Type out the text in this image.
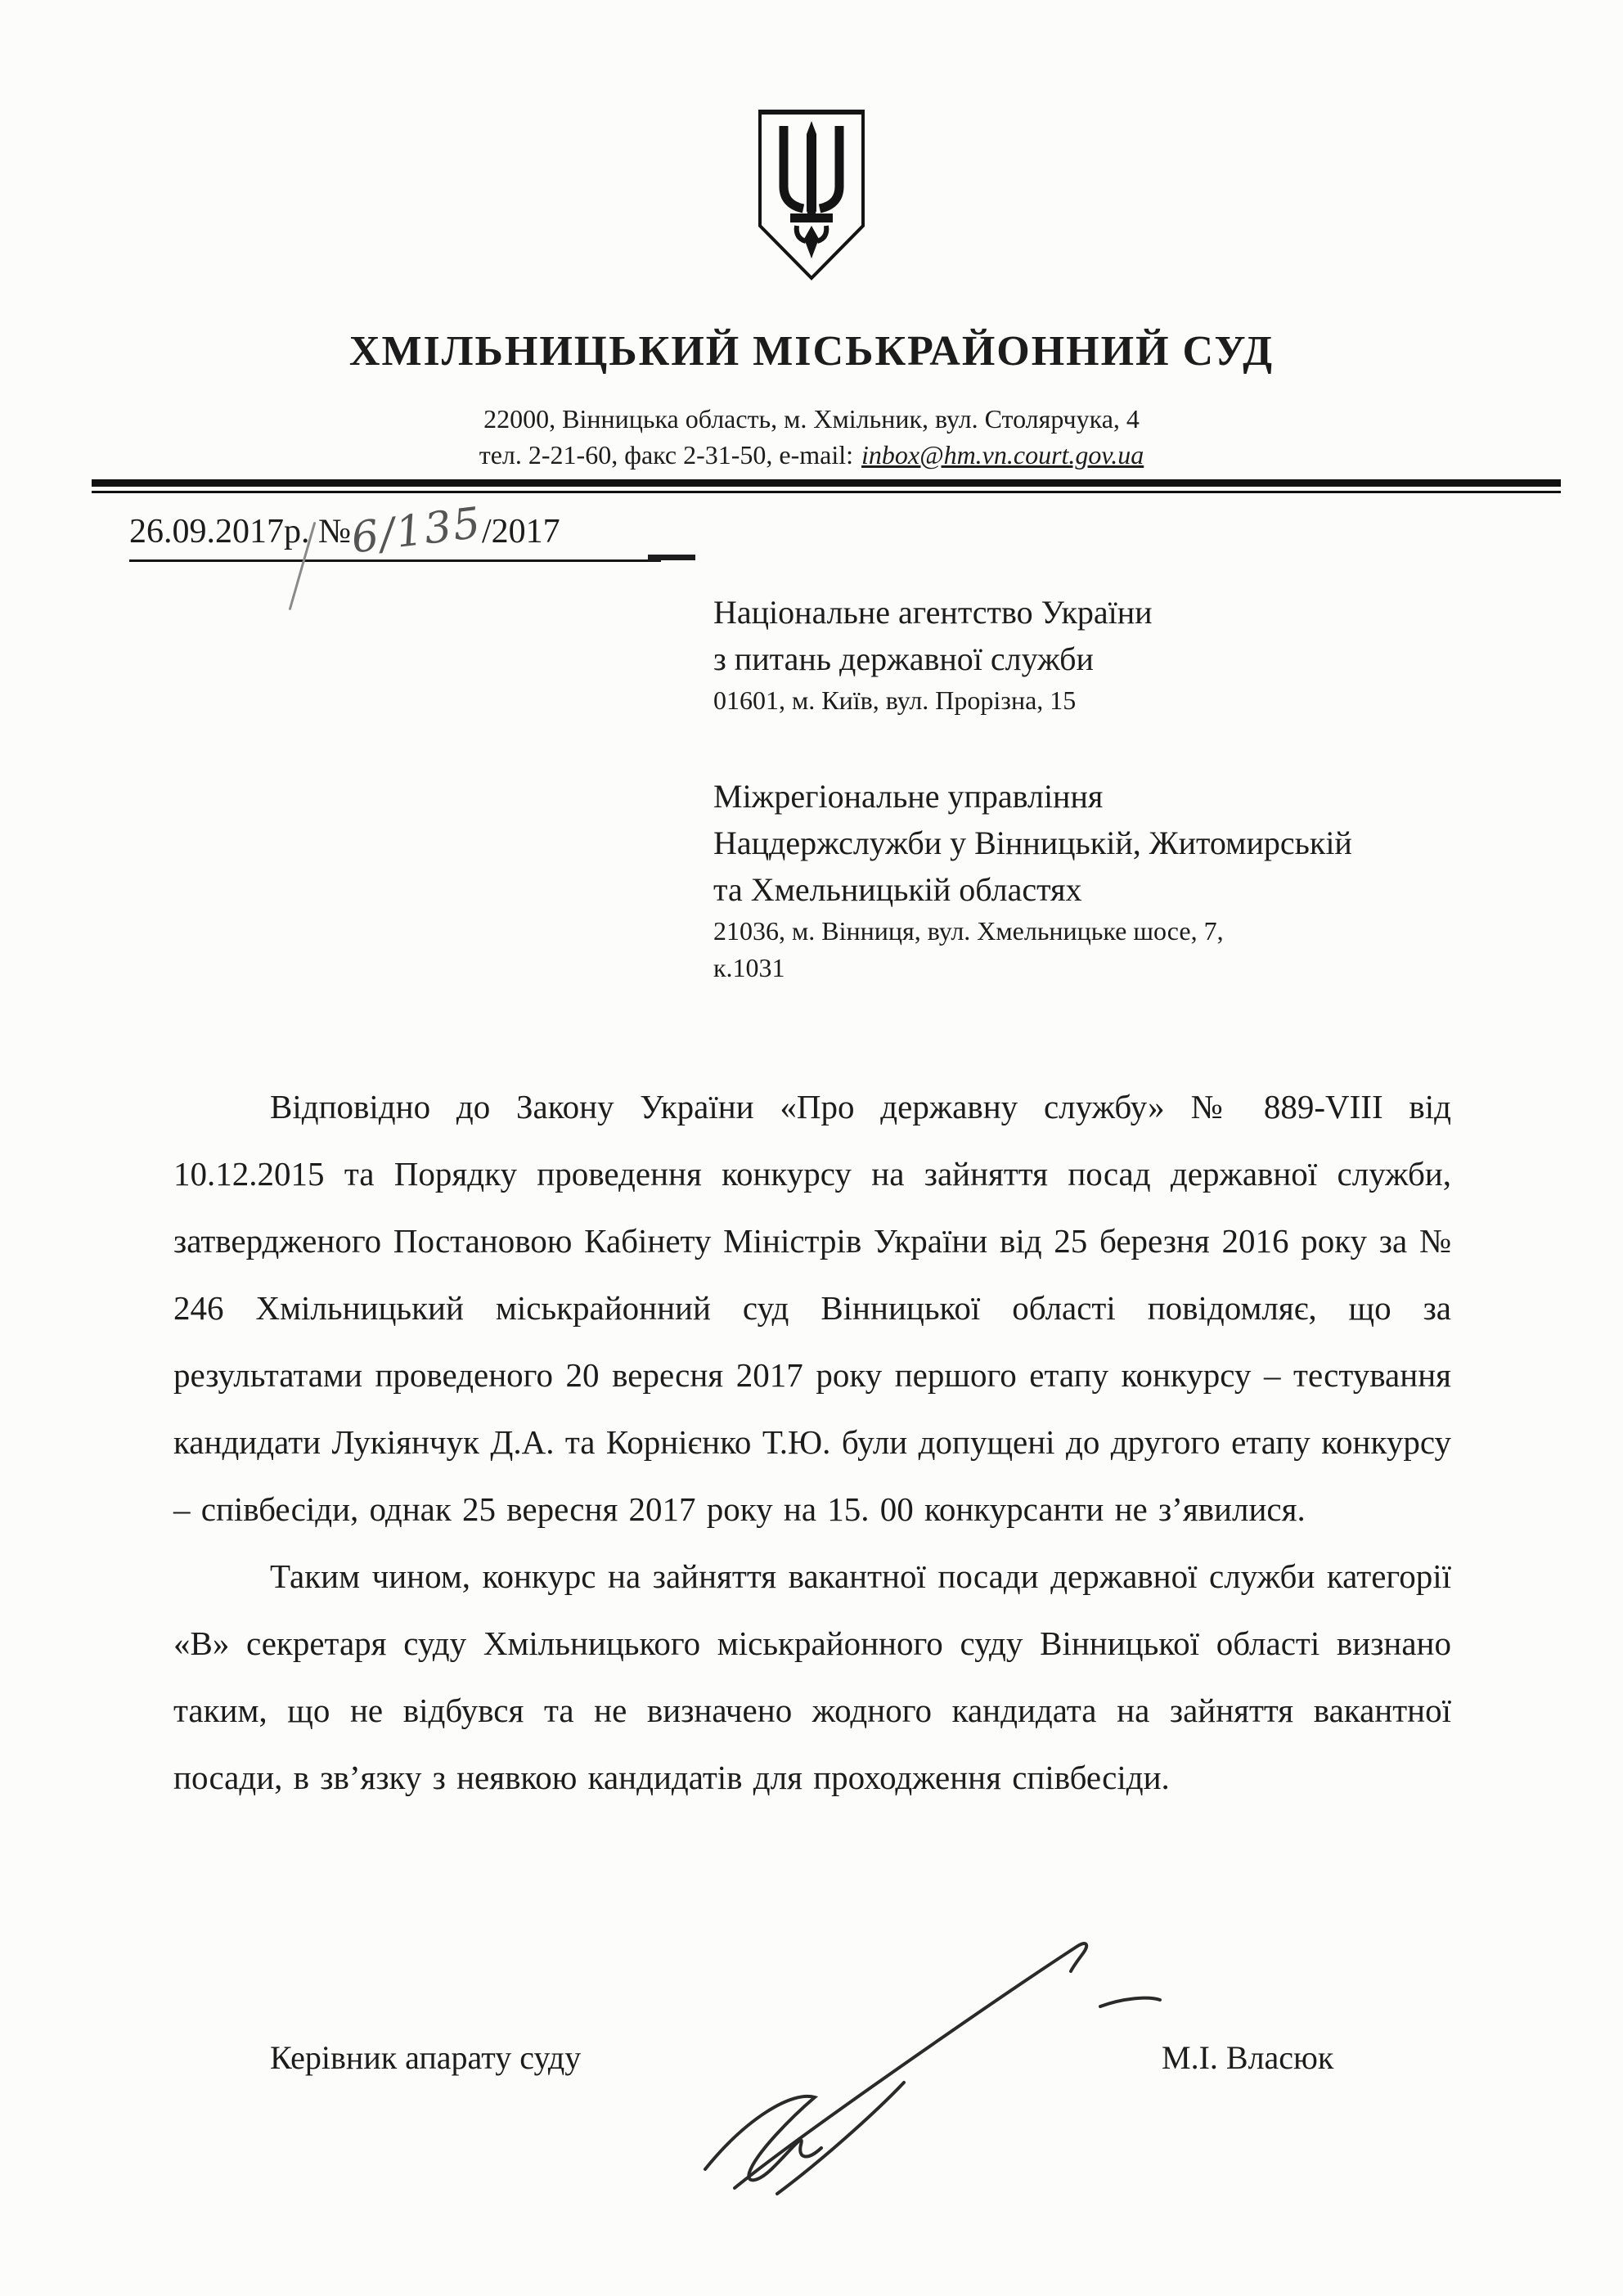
ХМІЛЬНИЦЬКИЙ МІСЬКРАЙОННИЙ СУД
22000, Вінницька область, м. Хмільник, вул. Столярчука, 4
тел. 2-21-60, факс 2-31-50, e-mail: inbox@hm.vn.court.gov.ua
26.09.2017р. №6/135/2017
Національне агентство України
з питань державної служби
01601, м. Київ, вул. Прорізна, 15
Міжрегіональне управління
Нацдержслужби у Вінницькій, Житомирській
та Хмельницькій областях
21036, м. Вінниця, вул. Хмельницьке шосе, 7,
к.1031

Відповідно до Закону України «Про державну службу» № 889-VIII від 10.12.2015 та Порядку проведення конкурсу на зайняття посад державної служби, затвердженого Постановою Кабінету Міністрів України від 25 березня 2016 року за № 246 Хмільницький міськрайонний суд Вінницької області повідомляє, що за результатами проведеного 20 вересня 2017 року першого етапу конкурсу – тестування кандидати Лукіянчук Д.А. та Корнієнко Т.Ю. були допущені до другого етапу конкурсу – співбесіди, однак 25 вересня 2017 року на 15. 00 конкурсанти не з’явилися.

Таким чином, конкурс на зайняття вакантної посади державної служби категорії «В» секретаря суду Хмільницького міськрайонного суду Вінницької області визнано таким, що не відбувся та не визначено жодного кандидата на зайняття вакантної посади, в зв’язку з неявкою кандидатів для проходження співбесіди.

Керівник апарату суду	М.І. Власюк
